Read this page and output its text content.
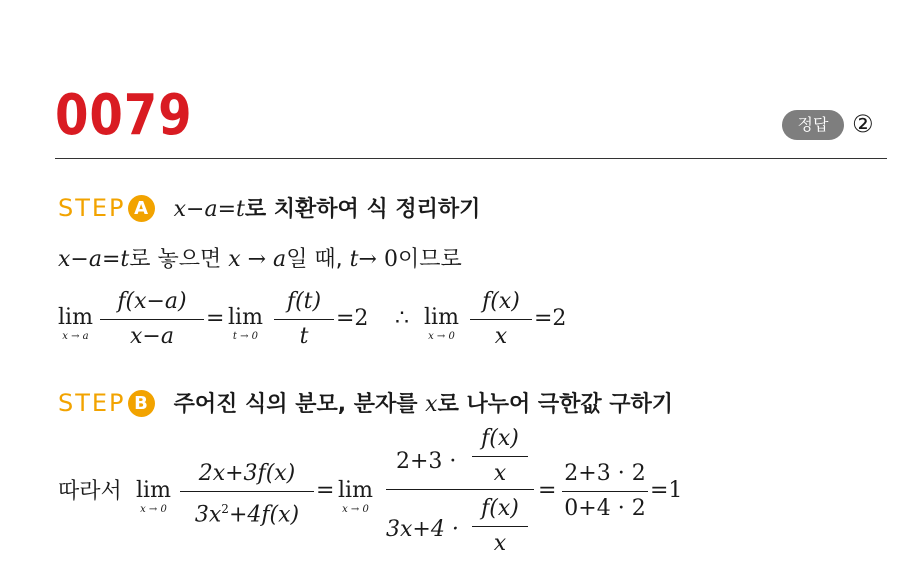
0079	정답 ②
STEP A x−a=t로 치환하여 식 정리하기
x−a=t로 놓으면 x → a일 때, t→ 0이므로
lim
x → a
f(x−a)
x−a
= lim
t → 0
f(t)
t
=2 ∴ lim
x → 0
f(x)
x
=2
STEP B 주어진 식의 분모, 분자를 x로 나누어 극한값 구하기
따라서 lim
x → 0
2x+3f(x)
$3x^2+4f(x)$
= lim
x → 0
2+3 ·
f(x)
x
3x+4 ·
f(x)
x
=
2+3 · 2
0+4 · 2
=1
